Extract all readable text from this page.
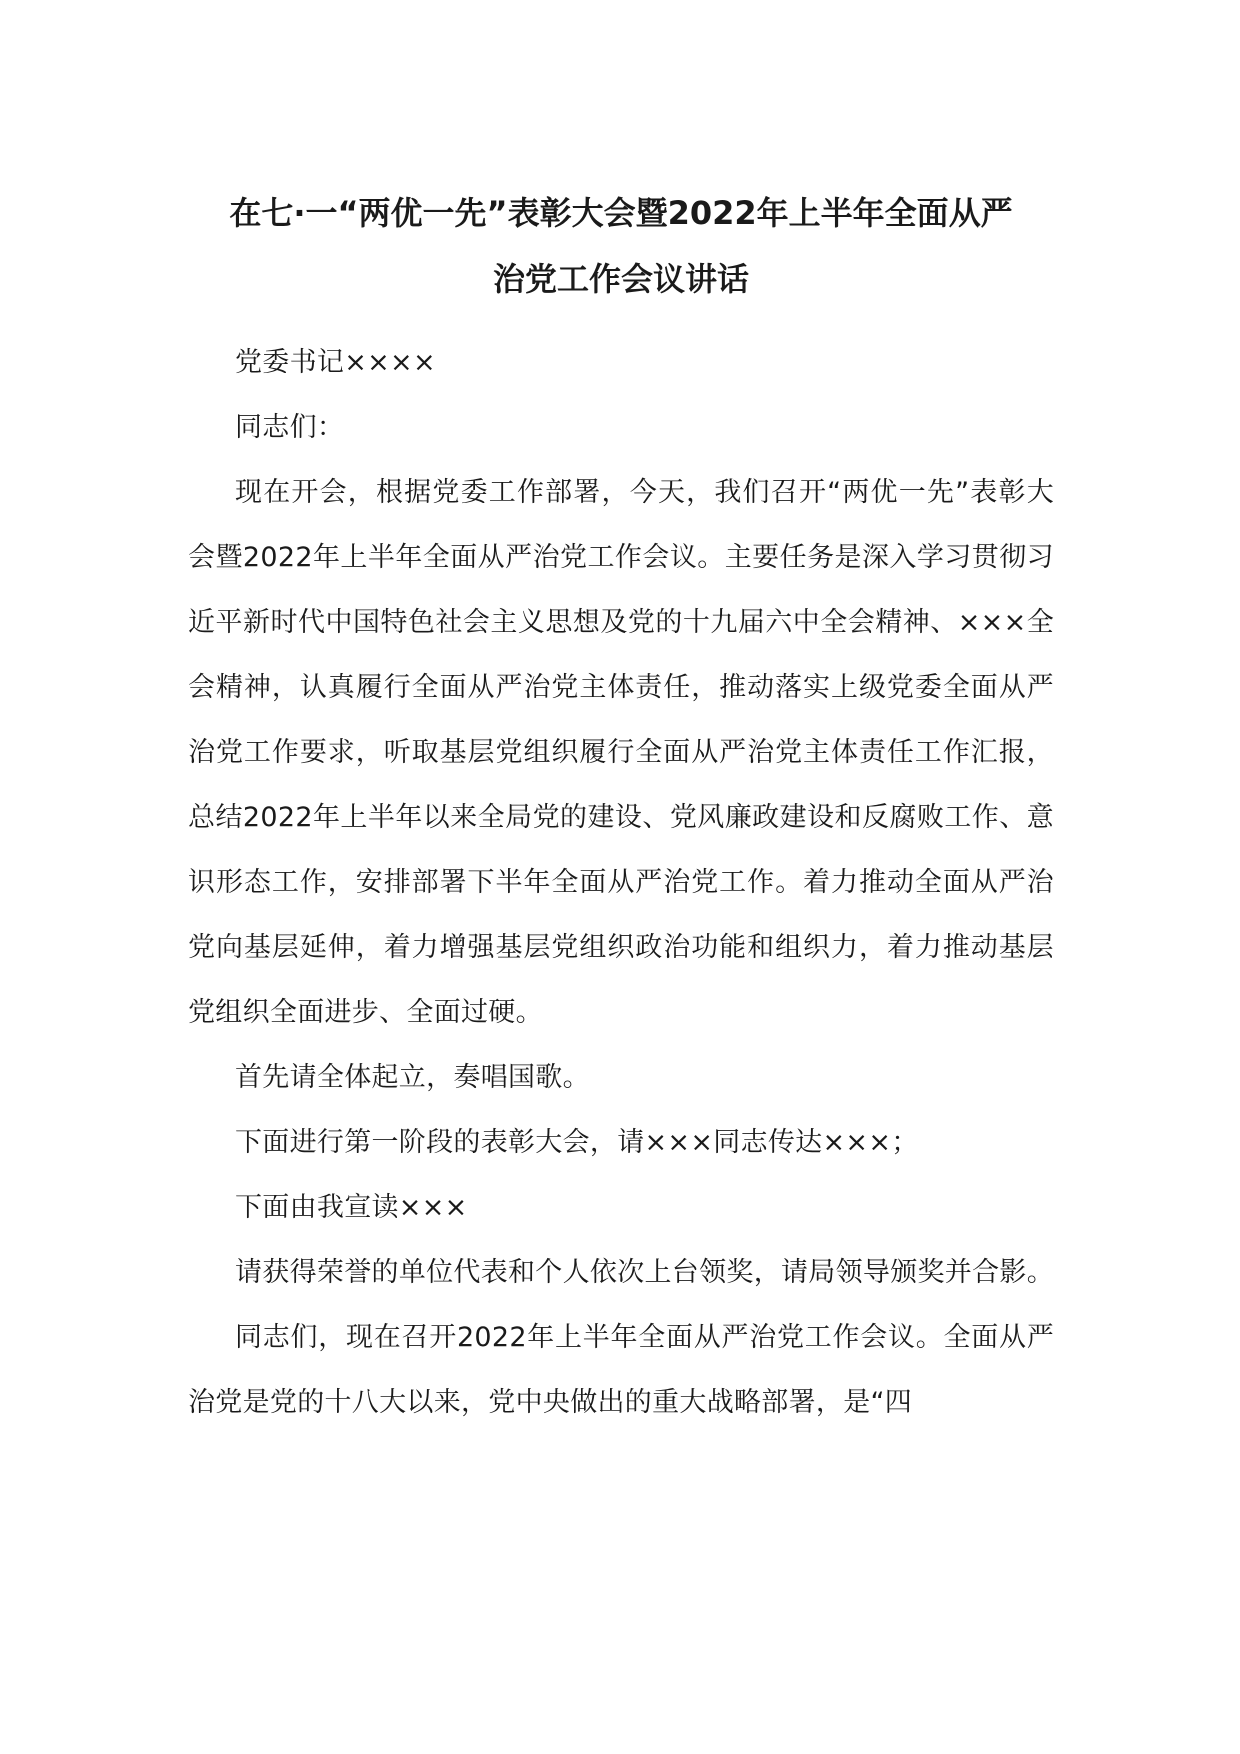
在七·一“两优一先”表彰大会暨2022年上半年全面从严
治党工作会议讲话

党委书记××××

同志们：

现在开会，根据党委工作部署，今天，我们召开“两优一先”表彰大会暨2022年上半年全面从严治党工作会议。主要任务是深入学习贯彻习近平新时代中国特色社会主义思想及党的十九届六中全会精神、×××全会精神，认真履行全面从严治党主体责任，推动落实上级党委全面从严治党工作要求，听取基层党组织履行全面从严治党主体责任工作汇报，总结2022年上半年以来全局党的建设、党风廉政建设和反腐败工作、意识形态工作，安排部署下半年全面从严治党工作。着力推动全面从严治党向基层延伸，着力增强基层党组织政治功能和组织力，着力推动基层党组织全面进步、全面过硬。

首先请全体起立，奏唱国歌。

下面进行第一阶段的表彰大会，请×××同志传达×××；

下面由我宣读×××

请获得荣誉的单位代表和个人依次上台领奖，请局领导颁奖并合影。

同志们，现在召开2022年上半年全面从严治党工作会议。全面从严治党是党的十八大以来，党中央做出的重大战略部署，是“四
